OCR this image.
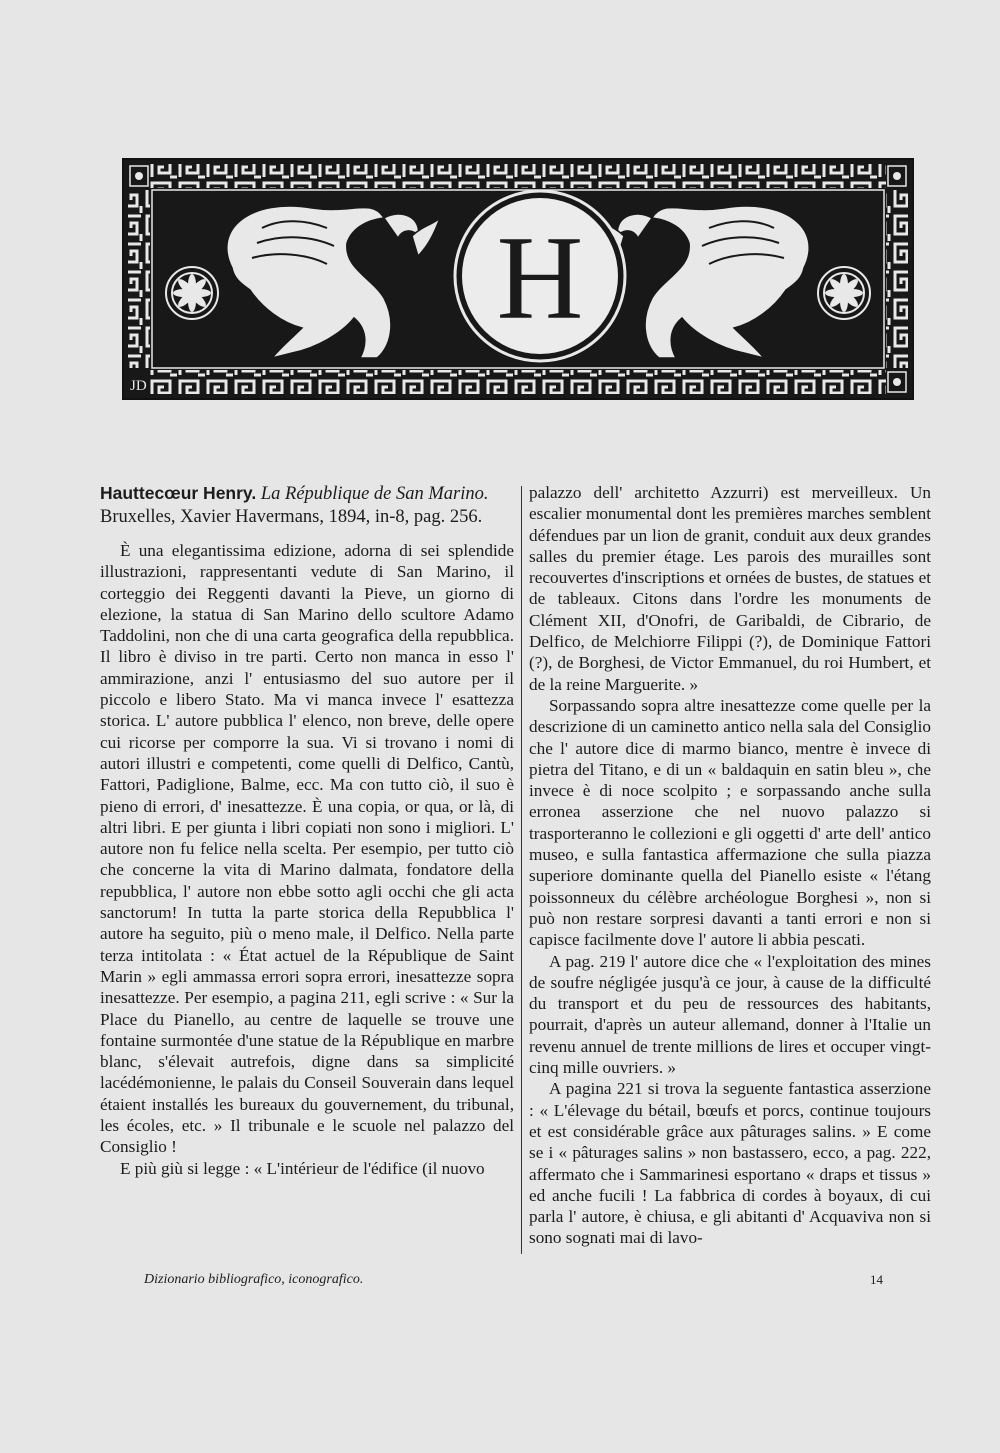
H
JD
Hauttecœur Henry. La République de San Marino. Bruxelles, Xavier Havermans, 1894, in-8, pag. 256.

È una elegantissima edizione, adorna di sei splendide illustrazioni, rappresentanti vedute di San Marino, il corteggio dei Reggenti davanti la Pieve, un giorno di elezione, la statua di San Marino dello scultore Adamo Taddolini, non che di una carta geografica della repubblica. Il libro è diviso in tre parti. Certo non manca in esso l' ammirazione, anzi l' entusiasmo del suo autore per il piccolo e libero Stato. Ma vi manca invece l' esattezza storica. L' autore pubblica l' elenco, non breve, delle opere cui ricorse per comporre la sua. Vi si trovano i nomi di autori illustri e competenti, come quelli di Delfico, Cantù, Fattori, Padiglione, Balme, ecc. Ma con tutto ciò, il suo è pieno di errori, d' inesattezze. È una copia, or qua, or là, di altri libri. E per giunta i libri copiati non sono i migliori. L' autore non fu felice nella scelta. Per esempio, per tutto ciò che concerne la vita di Marino dalmata, fondatore della repubblica, l' autore non ebbe sotto agli occhi che gli acta sanctorum! In tutta la parte storica della Repubblica l' autore ha seguito, più o meno male, il Delfico. Nella parte terza intitolata : « État actuel de la République de Saint Marin » egli ammassa errori sopra errori, inesattezze sopra inesattezze. Per esempio, a pagina 211, egli scrive : « Sur la Place du Pianello, au centre de laquelle se trouve une fontaine surmontée d'une statue de la République en marbre blanc, s'élevait autrefois, digne dans sa simplicité lacédémonienne, le palais du Conseil Souverain dans lequel étaient installés les bureaux du gouvernement, du tribunal, les écoles, etc. » Il tribunale e le scuole nel palazzo del Consiglio !

E più giù si legge : « L'intérieur de l'édifice (il nuovo

palazzo dell' architetto Azzurri) est merveilleux. Un escalier monumental dont les premières marches semblent défendues par un lion de granit, conduit aux deux grandes salles du premier étage. Les parois des murailles sont recouvertes d'inscriptions et ornées de bustes, de statues et de tableaux. Citons dans l'ordre les monuments de Clément XII, d'Onofri, de Garibaldi, de Cibrario, de Delfico, de Melchiorre Filippi (?), de Dominique Fattori (?), de Borghesi, de Victor Emmanuel, du roi Humbert, et de la reine Marguerite. »

Sorpassando sopra altre inesattezze come quelle per la descrizione di un caminetto antico nella sala del Consiglio che l' autore dice di marmo bianco, mentre è invece di pietra del Titano, e di un « baldaquin en satin bleu », che invece è di noce scolpito ; e sorpassando anche sulla erronea asserzione che nel nuovo palazzo si trasporteranno le collezioni e gli oggetti d' arte dell' antico museo, e sulla fantastica affermazione che sulla piazza superiore dominante quella del Pianello esiste « l'étang poissonneux du célèbre archéologue Borghesi », non si può non restare sorpresi davanti a tanti errori e non si capisce facilmente dove l' autore li abbia pescati.

A pag. 219 l' autore dice che « l'exploitation des mines de soufre négligée jusqu'à ce jour, à cause de la difficulté du transport et du peu de ressources des habitants, pourrait, d'après un auteur allemand, donner à l'Italie un revenu annuel de trente millions de lires et occuper vingt-cinq mille ouvriers. »

A pagina 221 si trova la seguente fantastica asserzione : « L'élevage du bétail, bœufs et porcs, continue toujours et est considérable grâce aux pâturages salins. » E come se i « pâturages salins » non bastassero, ecco, a pag. 222, affermato che i Sammarinesi esportano « draps et tissus » ed anche fucili ! La fabbrica di cordes à boyaux, di cui parla l' autore, è chiusa, e gli abitanti d' Acquaviva non si sono sognati mai di lavo-

Dizionario bibliografico, iconografico.	14
